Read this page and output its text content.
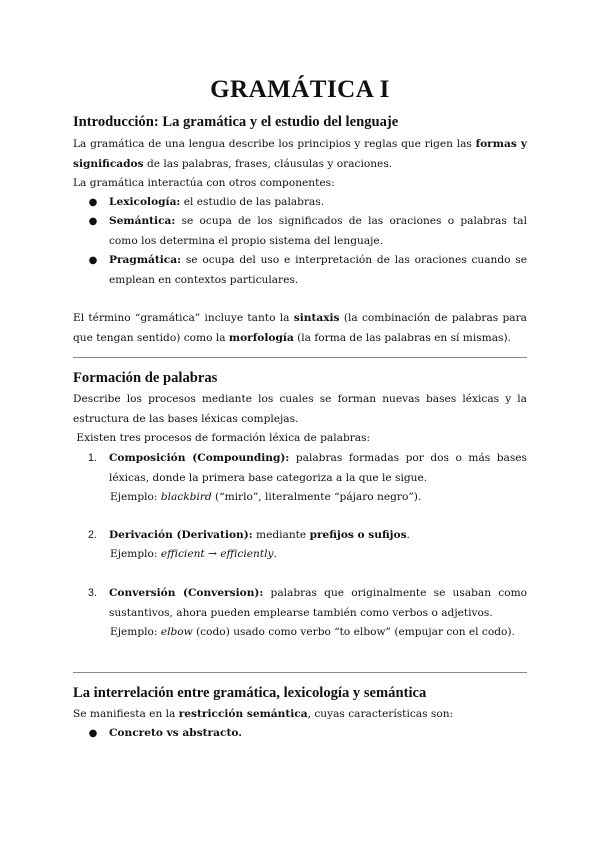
GRAMÁTICA I
Introducción: La gramática y el estudio del lenguaje

La gramática de una lengua describe los principios y reglas que rigen las formas y significados de las palabras, frases, cláusulas y oraciones.

La gramática interactúa con otros componentes:

● Lexicología: el estudio de las palabras.
● Semántica: se ocupa de los significados de las oraciones o palabras tal como los determina el propio sistema del lenguaje.
● Pragmática: se ocupa del uso e interpretación de las oraciones cuando se emplean en contextos particulares.

El término “gramática” incluye tanto la sintaxis (la combinación de palabras para que tengan sentido) como la morfología (la forma de las palabras en sí mismas).

Formación de palabras

Describe los procesos mediante los cuales se forman nuevas bases léxicas y la estructura de las bases léxicas complejas.

Existen tres procesos de formación léxica de palabras:

1. Composición (Compounding): palabras formadas por dos o más bases léxicas, donde la primera base categoriza a la que le sigue.
Ejemplo: blackbird (“mirlo”, literalmente “pájaro negro”).
2. Derivación (Derivation): mediante prefijos o sufijos.
Ejemplo: efficient → efficiently.
3. Conversión (Conversion): palabras que originalmente se usaban como sustantivos, ahora pueden emplearse también como verbos o adjetivos.
Ejemplo: elbow (codo) usado como verbo “to elbow” (empujar con el codo).
La interrelación entre gramática, lexicología y semántica

Se manifiesta en la restricción semántica, cuyas características son:

● Concreto vs abstracto.
